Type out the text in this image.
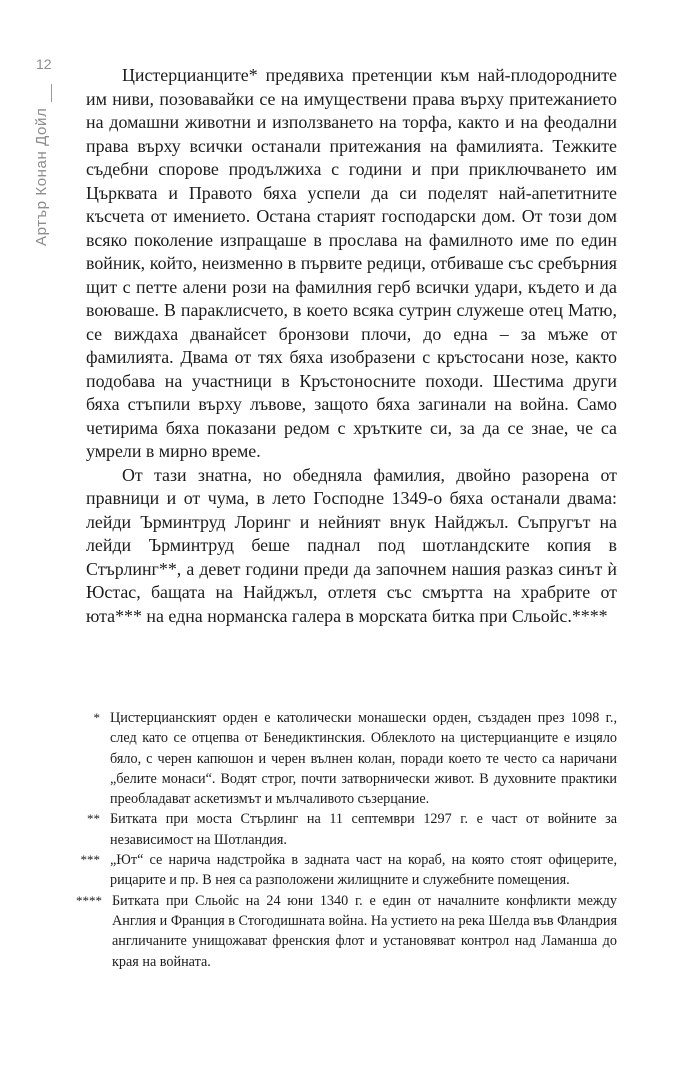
12
Артър Конан Дойл

Цистерцианците* предявиха претенции към най-плодородните им ниви, позовавайки се на имуществени права върху притежанието на домашни животни и използването на торфа, както и на феодални права върху всички останали притежания на фамилията. Тежките съдебни спорове продължиха с години и при приключването им Църквата и Правото бяха успели да си поделят най-апетитните късчета от имението. Остана старият господарски дом. От този дом всяко поколение изпращаше в прослава на фамилното име по един войник, който, неизменно в първите редици, отбиваше със сребърния щит с петте алени рози на фамилния герб всички удари, където и да воюваше. В параклисчето, в което всяка сутрин служеше отец Матю, се виждаха дванайсет бронзови плочи, до една – за мъже от фамилията. Двама от тях бяха изобразени с кръстосани нозе, както подобава на участници в Кръстоносните походи. Шестима други бяха стъпили върху лъвове, защото бяха загинали на война. Само четирима бяха показани редом с хрътките си, за да се знае, че са умрели в мирно време.

От тази знатна, но обедняла фамилия, двойно разорена от правници и от чума, в лето Господне 1349-о бяха останали двама: лейди Ърминтруд Лоринг и нейният внук Найджъл. Съпругът на лейди Ърминтруд беше паднал под шотландските копия в Стърлинг**, а девет години преди да започнем нашия разказ синът ѝ Юстас, бащата на Найджъл, отлетя със смъртта на храбрите от юта*** на една норманска галера в морската битка при Сльойс.****

* Цистерцианският орден е католически монашески орден, създаден през 1098 г., след като се отцепва от Бенедиктинския. Облеклото на цистерцианците е изцяло бяло, с черен капюшон и черен вълнен колан, поради което те често са наричани „белите монаси“. Водят строг, почти затворнически живот. В духовните практики преобладават аскетизмът и мълчаливото съзерцание.
** Битката при моста Стърлинг на 11 септември 1297 г. е част от войните за независимост на Шотландия.
*** „Ют“ се нарича надстройка в задната част на кораб, на която стоят офицерите, рицарите и пр. В нея са разположени жилищните и служебните помещения.
**** Битката при Сльойс на 24 юни 1340 г. е един от началните конфликти между Англия и Франция в Стогодишната война. На устието на река Шелда във Фландрия англичаните унищожават френския флот и установяват контрол над Ламанша до края на войната.
